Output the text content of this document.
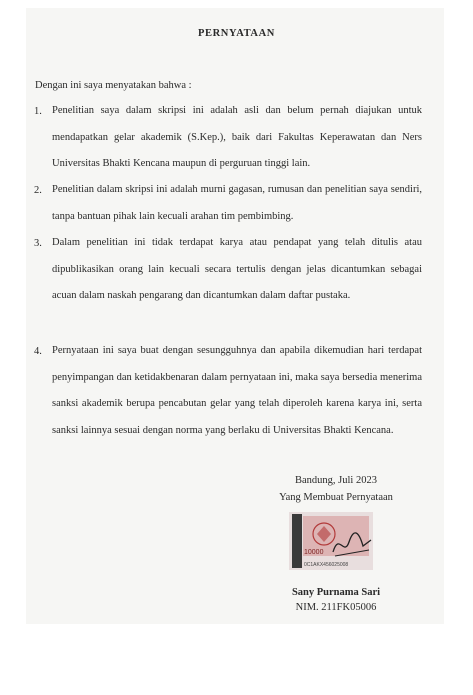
PERNYATAAN
Dengan ini saya menyatakan bahwa :
1. Penelitian saya dalam skripsi ini adalah asli dan belum pernah diajukan untuk mendapatkan gelar akademik (S.Kep.), baik dari Fakultas Keperawatan dan Ners Universitas Bhakti Kencana maupun di perguruan tinggi lain.
2. Penelitian dalam skripsi ini adalah murni gagasan, rumusan dan penelitian saya sendiri, tanpa bantuan pihak lain kecuali arahan tim pembimbing.
3. Dalam penelitian ini tidak terdapat karya atau pendapat yang telah ditulis atau dipublikasikan orang lain kecuali secara tertulis dengan jelas dicantumkan sebagai acuan dalam naskah pengarang dan dicantumkan dalam daftar pustaka.
4. Pernyataan ini saya buat dengan sesungguhnya dan apabila dikemudian hari terdapat penyimpangan dan ketidakbenaran dalam pernyataan ini, maka saya bersedia menerima sanksi akademik berupa pencabutan gelar yang telah diperoleh karena karya ini, serta sanksi lainnya sesuai dengan norma yang berlaku di Universitas Bhakti Kencana.
Bandung, Juli 2023
Yang Membuat Pernyataan
10000
0C1AKX456025008
Sany Purnama Sari
NIM. 211FK05006
